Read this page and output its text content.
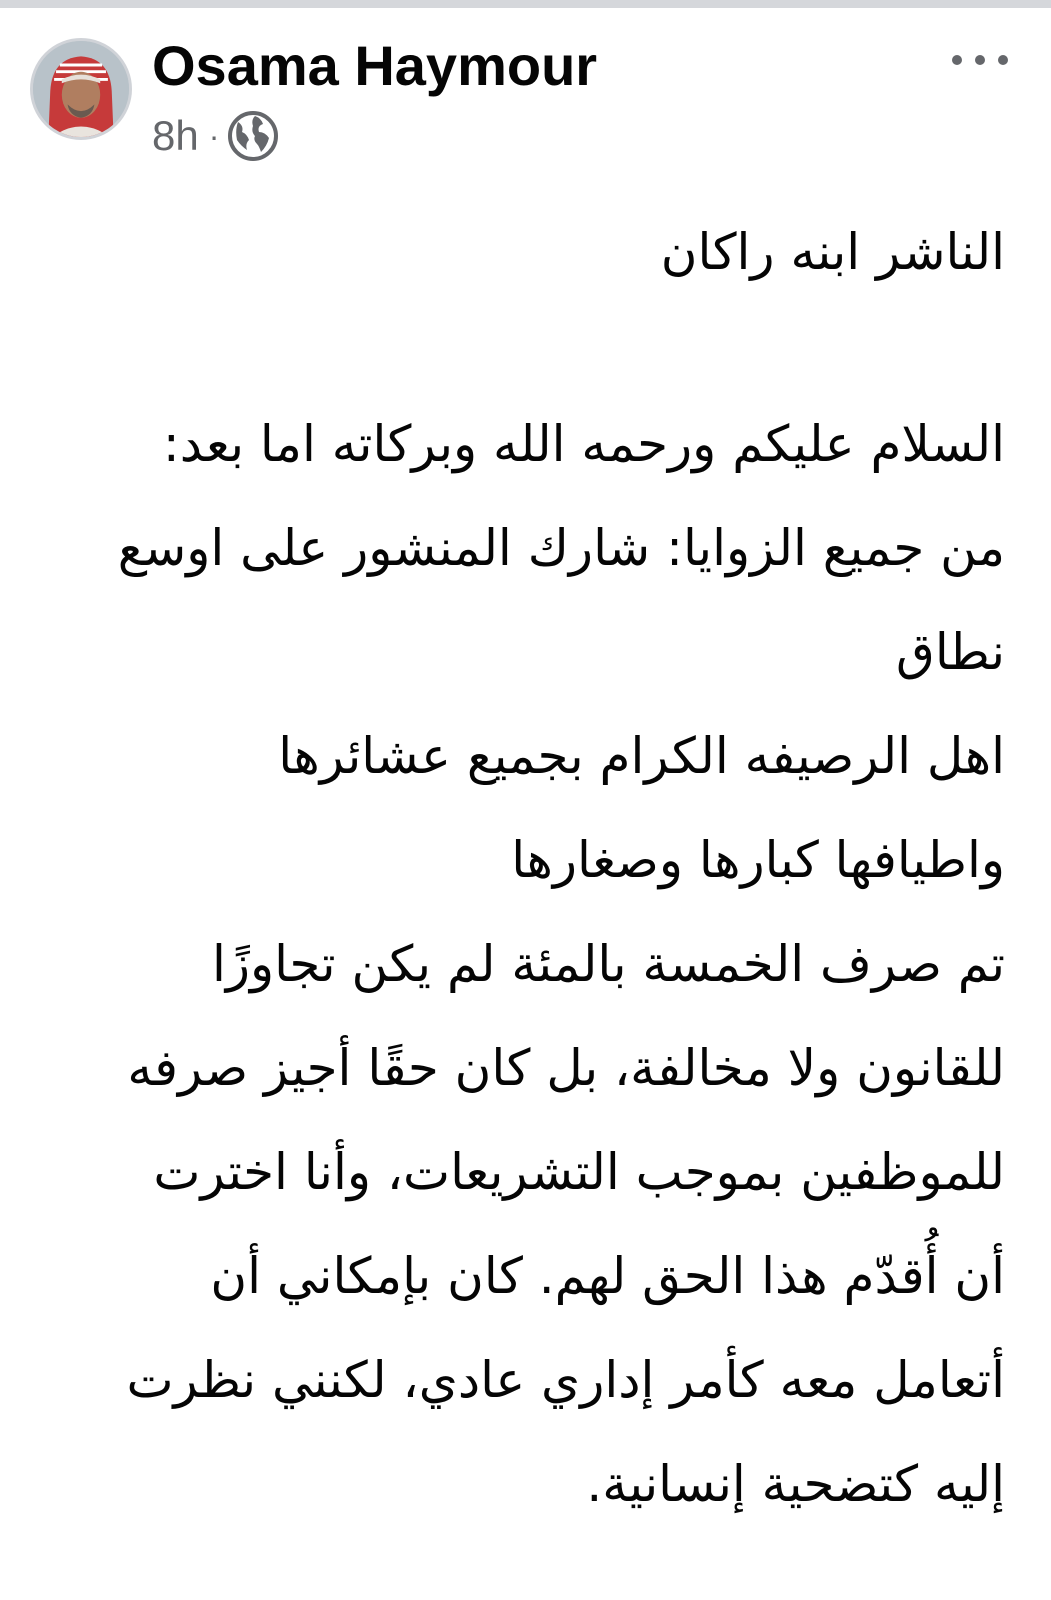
Osama Haymour
8h ·
الناشر ابنه راكان
السلام عليكم ورحمه الله وبركاته اما بعد:
من جميع الزوايا: شارك المنشور على اوسع
نطاق
اهل الرصيفه الكرام بجميع عشائرها
واطيافها كبارها وصغارها
تم صرف الخمسة بالمئة لم يكن تجاوزًا
للقانون ولا مخالفة، بل كان حقًا أجيز صرفه
للموظفين بموجب التشريعات، وأنا اخترت
أن أُقدّم هذا الحق لهم. كان بإمكاني أن
أتعامل معه كأمر إداري عادي، لكنني نظرت
إليه كتضحية إنسانية.
